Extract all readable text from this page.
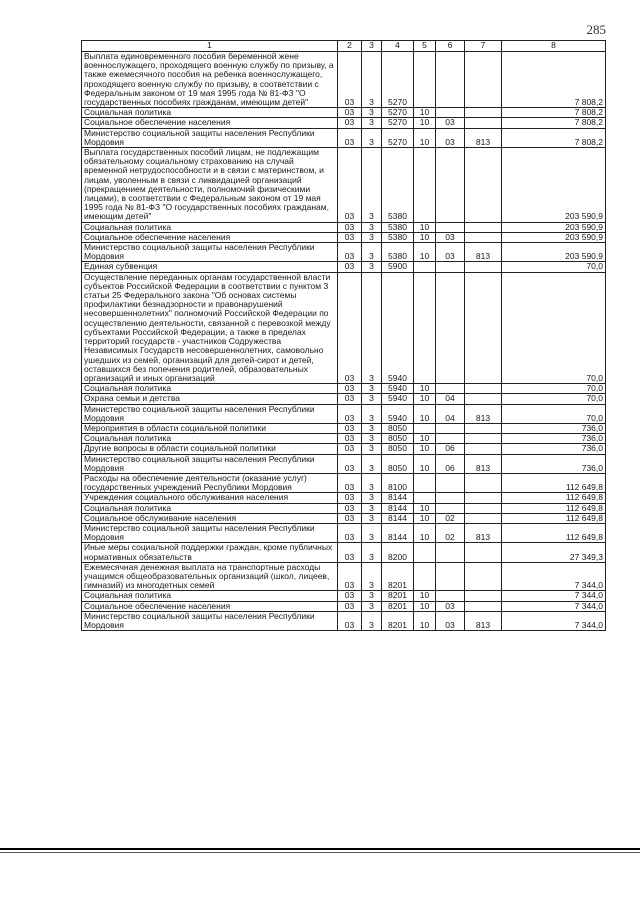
285
1	2	3	4	5	6	7	8
Выплата единовременного пособия беременной жене военнослужащего, проходящего военную службу по призыву, а также ежемесячного пособия на ребенка военнослужащего, проходящего военную службу по призыву, в соответствии с Федеральным законом от 19 мая 1995 года № 81-ФЗ "О государственных пособиях гражданам, имеющим детей"	03	3	5270				7 808,2
Социальная политика	03	3	5270	10			7 808,2
Социальное обеспечение населения	03	3	5270	10	03		7 808,2
Министерство социальной защиты населения Республики Мордовия	03	3	5270	10	03	813	7 808,2
Выплата государственных пособий лицам, не подлежащим обязательному социальному страхованию на случай временной нетрудоспособности и в связи с материнством, и лицам, уволенным в связи с ликвидацией организаций (прекращением деятельности, полномочий физическими лицами), в соответствии с Федеральным законом от 19 мая 1995 года № 81-ФЗ "О государственных пособиях гражданам, имеющим детей"	03	3	5380				203 590,9
Социальная политика	03	3	5380	10			203 590,9
Социальное обеспечение населения	03	3	5380	10	03		203 590,9
Министерство социальной защиты населения Республики Мордовия	03	3	5380	10	03	813	203 590,9
Единая субвенция	03	3	5900				70,0
Осуществление переданных органам государственной власти субъектов Российской Федерации в соответствии с пунктом 3 статьи 25 Федерального закона "Об основах системы профилактики безнадзорности и правонарушений несовершеннолетних" полномочий Российской Федерации по осуществлению деятельности, связанной с перевозкой между субъектами Российской Федерации, а также в пределах территорий государств - участников Содружества Независимых Государств несовершеннолетних, самовольно ушедших из семей, организаций для детей-сирот и детей, оставшихся без попечения родителей, образовательных организаций и иных организаций	03	3	5940				70,0
Социальная политика	03	3	5940	10			70,0
Охрана семьи и детства	03	3	5940	10	04		70,0
Министерство социальной защиты населения Республики Мордовия	03	3	5940	10	04	813	70,0
Мероприятия в области социальной политики	03	3	8050				736,0
Социальная политика	03	3	8050	10			736,0
Другие вопросы в области социальной политики	03	3	8050	10	06		736,0
Министерство социальной защиты населения Республики Мордовия	03	3	8050	10	06	813	736,0
Расходы на обеспечение деятельности (оказание услуг) государственных учреждений Республики Мордовия	03	3	8100				112 649,8
Учреждения социального обслуживания населения	03	3	8144				112 649,8
Социальная политика	03	3	8144	10			112 649,8
Социальное обслуживание населения	03	3	8144	10	02		112 649,8
Министерство социальной защиты населения Республики Мордовия	03	3	8144	10	02	813	112 649,8
Иные меры социальной поддержки граждан, кроме публичных нормативных обязательств	03	3	8200				27 349,3
Ежемесячная денежная выплата на транспортные расходы учащимся общеобразовательных организаций (школ, лицеев, гимназий) из многодетных семей	03	3	8201				7 344,0
Социальная политика	03	3	8201	10			7 344,0
Социальное обеспечение населения	03	3	8201	10	03		7 344,0
Министерство социальной защиты населения Республики Мордовия	03	3	8201	10	03	813	7 344,0
